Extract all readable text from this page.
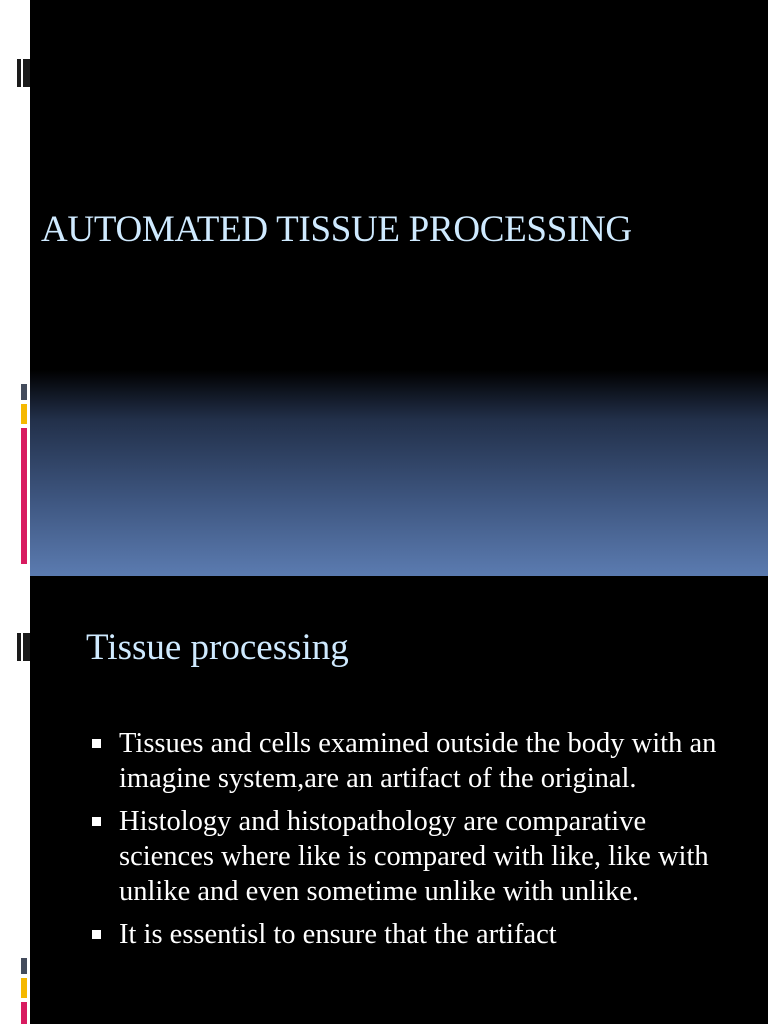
AUTOMATED TISSUE PROCESSING
Tissue processing
Tissues and cells examined outside the body with an imagine system,are an artifact of the original.
Histology and histopathology are comparative sciences where like is compared with like, like with unlike and even sometime unlike with unlike.
It is essentisl to ensure that the artifact
